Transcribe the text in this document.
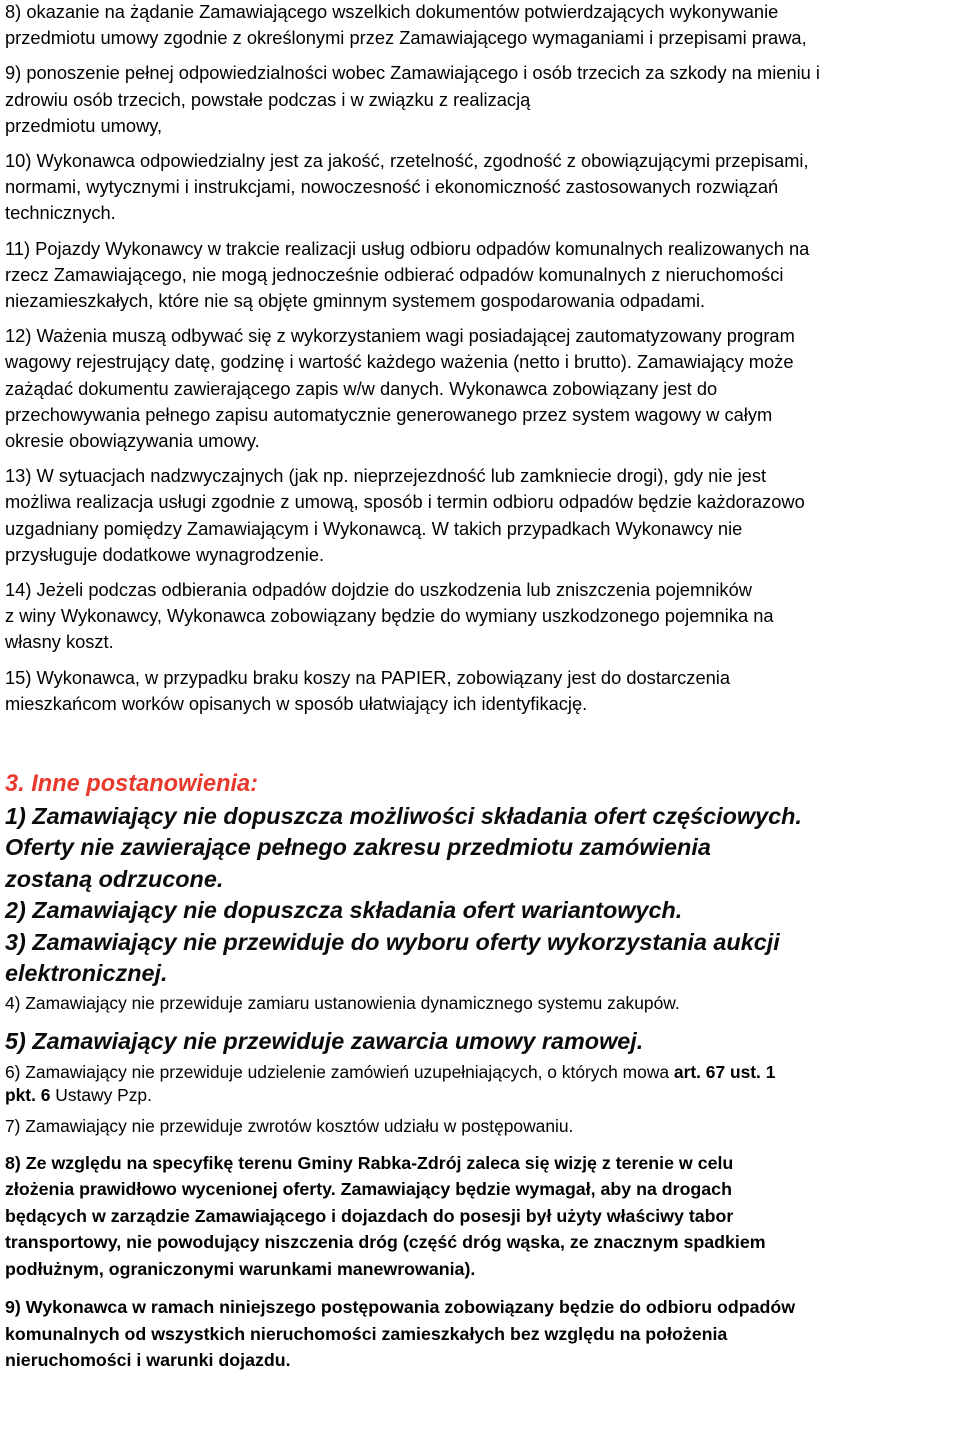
8) okazanie na żądanie Zamawiającego wszelkich dokumentów potwierdzających wykonywanie
przedmiotu umowy zgodnie z określonymi przez Zamawiającego wymaganiami i przepisami prawa,

9) ponoszenie pełnej odpowiedzialności wobec Zamawiającego i osób trzecich za szkody na mieniu i
zdrowiu osób trzecich, powstałe podczas i w związku z realizacją
przedmiotu umowy,

10) Wykonawca odpowiedzialny jest za jakość, rzetelność, zgodność z obowiązującymi przepisami,
normami, wytycznymi i instrukcjami, nowoczesność i ekonomiczność zastosowanych rozwiązań
technicznych.

11) Pojazdy Wykonawcy w trakcie realizacji usług odbioru odpadów komunalnych realizowanych na
rzecz Zamawiającego, nie mogą jednocześnie odbierać odpadów komunalnych z nieruchomości
niezamieszkałych, które nie są objęte gminnym systemem gospodarowania odpadami.

12) Ważenia muszą odbywać się z wykorzystaniem wagi posiadającej zautomatyzowany program
wagowy rejestrujący datę, godzinę i wartość każdego ważenia (netto i brutto). Zamawiający może
zażądać dokumentu zawierającego zapis w/w danych. Wykonawca zobowiązany jest do
przechowywania pełnego zapisu automatycznie generowanego przez system wagowy w całym
okresie obowiązywania umowy.

13) W sytuacjach nadzwyczajnych (jak np. nieprzejezdność lub zamkniecie drogi), gdy nie jest
możliwa realizacja usługi zgodnie z umową, sposób i termin odbioru odpadów będzie każdorazowo
uzgadniany pomiędzy Zamawiającym i Wykonawcą. W takich przypadkach Wykonawcy nie
przysługuje dodatkowe wynagrodzenie.

14) Jeżeli podczas odbierania odpadów dojdzie do uszkodzenia lub zniszczenia pojemników
z winy Wykonawcy, Wykonawca zobowiązany będzie do wymiany uszkodzonego pojemnika na
własny koszt.

15) Wykonawca, w przypadku braku koszy na PAPIER, zobowiązany jest do dostarczenia
mieszkańcom worków opisanych w sposób ułatwiający ich identyfikację.

3. Inne postanowienia:

1) Zamawiający nie dopuszcza możliwości składania ofert częściowych.
Oferty nie zawierające pełnego zakresu przedmiotu zamówienia
zostaną odrzucone.

2) Zamawiający nie dopuszcza składania ofert wariantowych.

3) Zamawiający nie przewiduje do wyboru oferty wykorzystania aukcji
elektronicznej.

4) Zamawiający nie przewiduje zamiaru ustanowienia dynamicznego systemu zakupów.

5) Zamawiający nie przewiduje zawarcia umowy ramowej.

6) Zamawiający nie przewiduje udzielenie zamówień uzupełniających, o których mowa art. 67 ust. 1
pkt. 6 Ustawy Pzp.

7) Zamawiający nie przewiduje zwrotów kosztów udziału w postępowaniu.

8) Ze względu na specyfikę terenu Gminy Rabka-Zdrój zaleca się wizję z terenie w celu
złożenia prawidłowo wycenionej oferty. Zamawiający będzie wymagał, aby na drogach
będących w zarządzie Zamawiającego i dojazdach do posesji był użyty właściwy tabor
transportowy, nie powodujący niszczenia dróg (część dróg wąska, ze znacznym spadkiem
podłużnym, ograniczonymi warunkami manewrowania).

9) Wykonawca w ramach niniejszego postępowania zobowiązany będzie do odbioru odpadów
komunalnych od wszystkich nieruchomości zamieszkałych bez względu na położenia
nieruchomości i warunki dojazdu.
